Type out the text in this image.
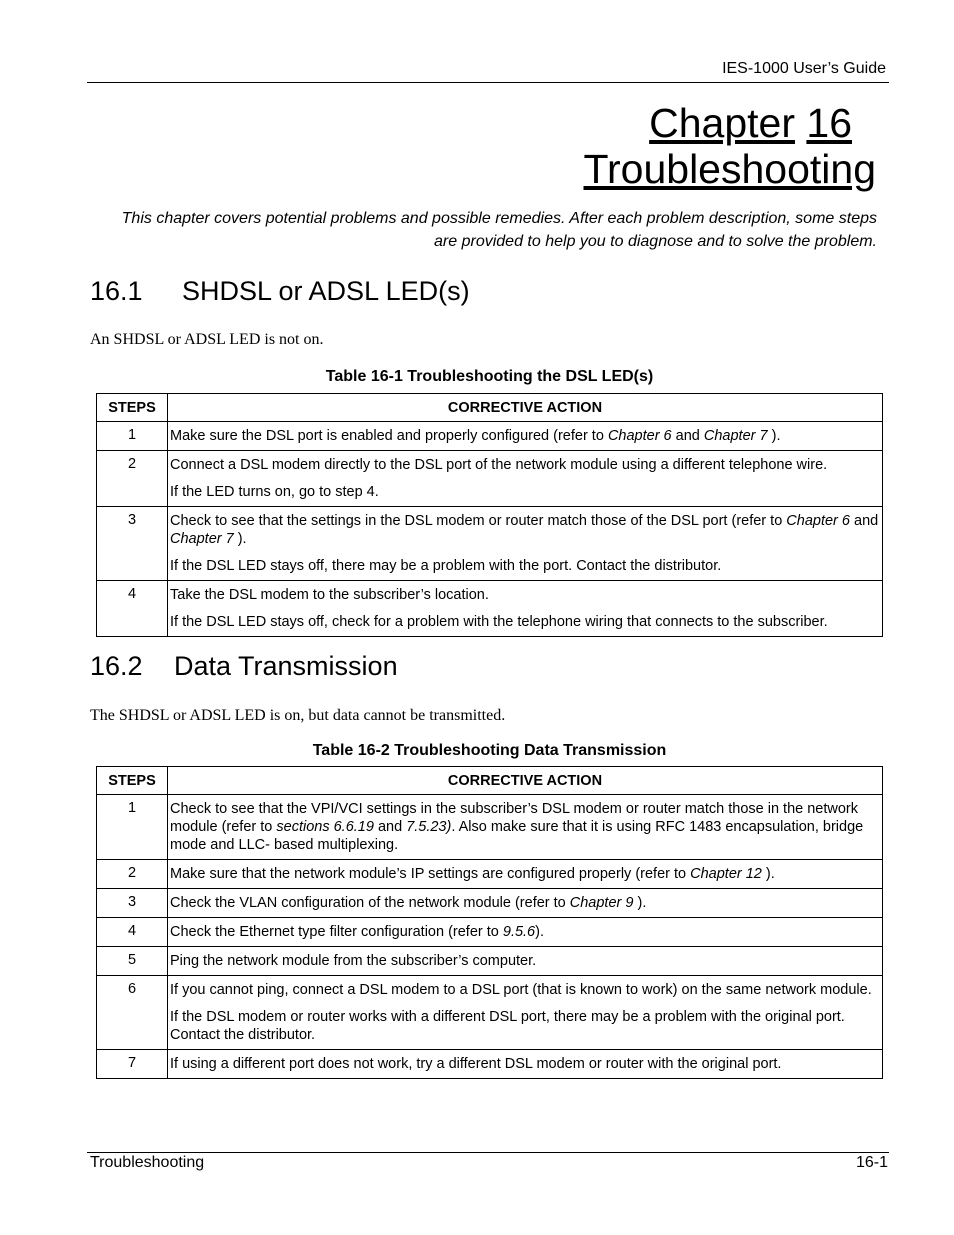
IES-1000 User’s Guide
Chapter 16
Troubleshooting
This chapter covers potential problems and possible remedies. After each problem description, some steps are provided to help you to diagnose and to solve the problem.
16.1 SHDSL or ADSL LED(s)
An SHDSL or ADSL LED is not on.
Table 16-1 Troubleshooting the DSL LED(s)
STEPS	CORRECTIVE ACTION
1	Make sure the DSL port is enabled and properly configured (refer to Chapter 6 and Chapter 7 ).

2	Connect a DSL modem directly to the DSL port of the network module using a different telephone wire.

If the LED turns on, go to step 4.

3	Check to see that the settings in the DSL modem or router match those of the DSL port (refer to Chapter 6 and Chapter 7 ).

If the DSL LED stays off, there may be a problem with the port. Contact the distributor.

4	Take the DSL modem to the subscriber’s location.

If the DSL LED stays off, check for a problem with the telephone wiring that connects to the subscriber.

16.2 Data Transmission
The SHDSL or ADSL LED is on, but data cannot be transmitted.
Table 16-2 Troubleshooting Data Transmission
STEPS	CORRECTIVE ACTION
1	Check to see that the VPI/VCI settings in the subscriber’s DSL modem or router match those in the network module (refer to sections 6.6.19 and 7.5.23). Also make sure that it is using RFC 1483 encapsulation, bridge mode and LLC- based multiplexing.

2	Make sure that the network module’s IP settings are configured properly (refer to Chapter 12 ).

3	Check the VLAN configuration of the network module (refer to Chapter 9 ).

4	Check the Ethernet type filter configuration (refer to 9.5.6).

5	Ping the network module from the subscriber’s computer.

6	If you cannot ping, connect a DSL modem to a DSL port (that is known to work) on the same network module.

If the DSL modem or router works with a different DSL port, there may be a problem with the original port. Contact the distributor.

7	If using a different port does not work, try a different DSL modem or router with the original port.

Troubleshooting	16-1
